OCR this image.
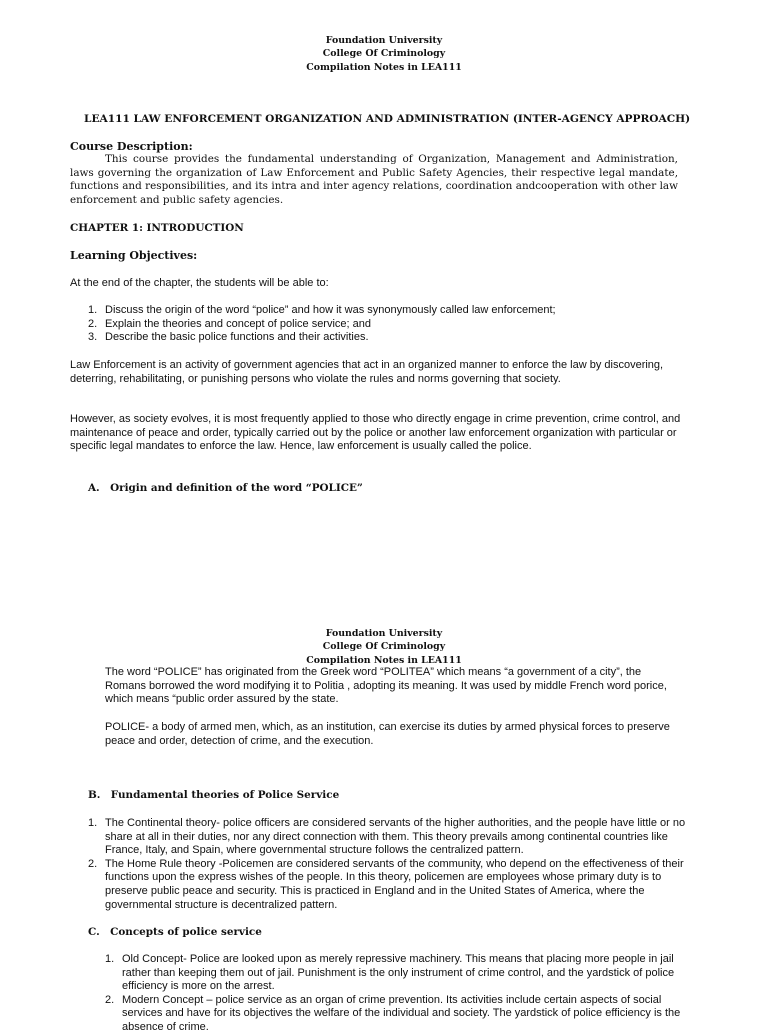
Foundation University
College Of Criminology
Compilation Notes in LEA111
LEA111 LAW ENFORCEMENT ORGANIZATION AND ADMINISTRATION (INTER-AGENCY APPROACH)
Course Description:

This course provides the fundamental understanding of Organization, Management and Administration, laws governing the organization of Law Enforcement and Public Safety Agencies, their respective legal mandate, functions and responsibilities, and its intra and inter agency relations, coordination andcooperation with other law enforcement and public safety agencies.

CHAPTER 1: INTRODUCTION
Learning Objectives:
At the end of the chapter, the students will be able to:
1. Discuss the origin of the word “police” and how it was synonymously called law enforcement;
2. Explain the theories and concept of police service; and
3. Describe the basic police functions and their activities.

Law Enforcement is an activity of government agencies that act in an organized manner to enforce the law by discovering, deterring, rehabilitating, or punishing persons who violate the rules and norms governing that society.

However, as society evolves, it is most frequently applied to those who directly engage in crime prevention, crime control, and maintenance of peace and order, typically carried out by the police or another law enforcement organization with particular or specific legal mandates to enforce the law. Hence, law enforcement is usually called the police.

A. Origin and definition of the word “POLICE”
Foundation University
College Of Criminology
Compilation Notes in LEA111

The word “POLICE” has originated from the Greek word “POLITEA” which means “a government of a city”, the Romans borrowed the word modifying it to Politia , adopting its meaning. It was used by middle French word porice, which means “public order assured by the state.

POLICE- a body of armed men, which, as an institution, can exercise its duties by armed physical forces to preserve peace and order, detection of crime, and the execution.

B. Fundamental theories of Police Service
1. The Continental theory- police officers are considered servants of the higher authorities, and the people have little or no share at all in their duties, nor any direct connection with them. This theory prevails among continental countries like France, Italy, and Spain, where governmental structure follows the centralized pattern.
2. The Home Rule theory -Policemen are considered servants of the community, who depend on the effectiveness of their functions upon the express wishes of the people. In this theory, policemen are employees whose primary duty is to preserve public peace and security. This is practiced in England and in the United States of America, where the governmental structure is decentralized pattern.
C. Concepts of police service
1. Old Concept- Police are looked upon as merely repressive machinery. This means that placing more people in jail rather than keeping them out of jail. Punishment is the only instrument of crime control, and the yardstick of police efficiency is more on the arrest.
2. Modern Concept – police service as an organ of crime prevention. Its activities include certain aspects of social services and have for its objectives the welfare of the individual and society. The yardstick of police efficiency is the absence of crime.
